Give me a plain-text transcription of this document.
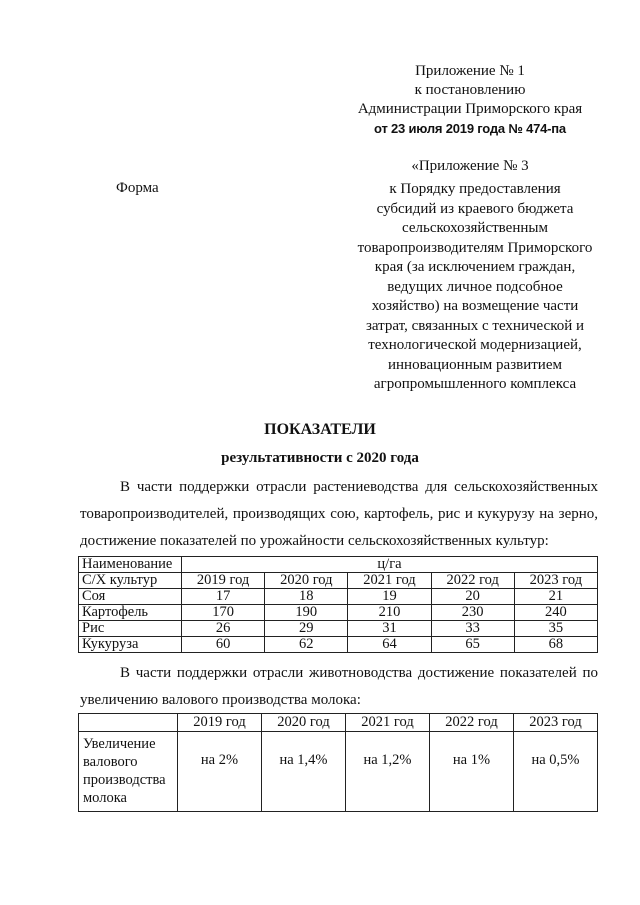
Приложение № 1
к постановлению
Администрации Приморского края
от 23 июля 2019 года № 474-па
«Приложение № 3
Форма	к Порядку предоставления
субсидий из краевого бюджета
сельскохозяйственным
товаропроизводителям Приморского
края (за исключением граждан,
ведущих личное подсобное
хозяйство) на возмещение части
затрат, связанных с технической и
технологической модернизацией,
инновационным развитием
агропромышленного комплекса
ПОКАЗАТЕЛИ
результативности с 2020 года
В части поддержки отрасли растениеводства для сельскохозяйственных
товаропроизводителей, производящих сою, картофель, рис и кукурузу на зерно,
достижение показателей по урожайности сельскохозяйственных культур:
Наименование	ц/га				
С/Х культур	2019 год	2020 год	2021 год	2022 год	2023 год
Соя	17	18	19	20	21
Картофель	170	190	210	230	240
Рис	26	29	31	33	35
Кукуруза	60	62	64	65	68
В части поддержки отрасли животноводства достижение показателей по
увеличению валового производства молока:
	2019 год	2020 год	2021 год	2022 год	2023 год

Увеличение
валового
производства
молока	на 2%	на 1,4%	на 1,2%	на 1%	на 0,5%
